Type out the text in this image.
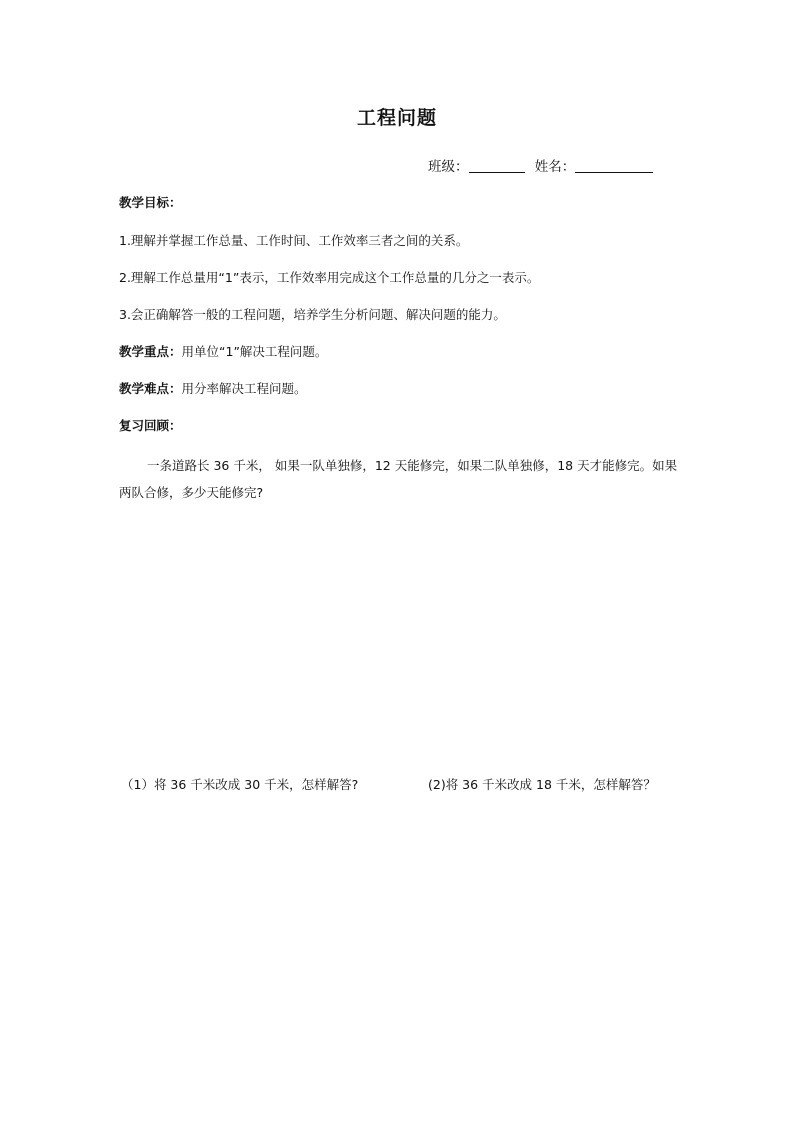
工程问题
班级：	姓名：
教学目标：
1.理解并掌握工作总量、工作时间、工作效率三者之间的关系。
2.理解工作总量用“1”表示，工作效率用完成这个工作总量的几分之一表示。
3.会正确解答一般的工程问题，培养学生分析问题、解决问题的能力。
教学重点：用单位“1”解决工程问题。
教学难点：用分率解决工程问题。
复习回顾：
一条道路长 36 千米， 如果一队单独修，12 天能修完，如果二队单独修，18 天才能修完。如果两队合修，多少天能修完?
（1）将 36 千米改成 30 千米，怎样解答?	(2)将 36 千米改成 18 千米，怎样解答？
